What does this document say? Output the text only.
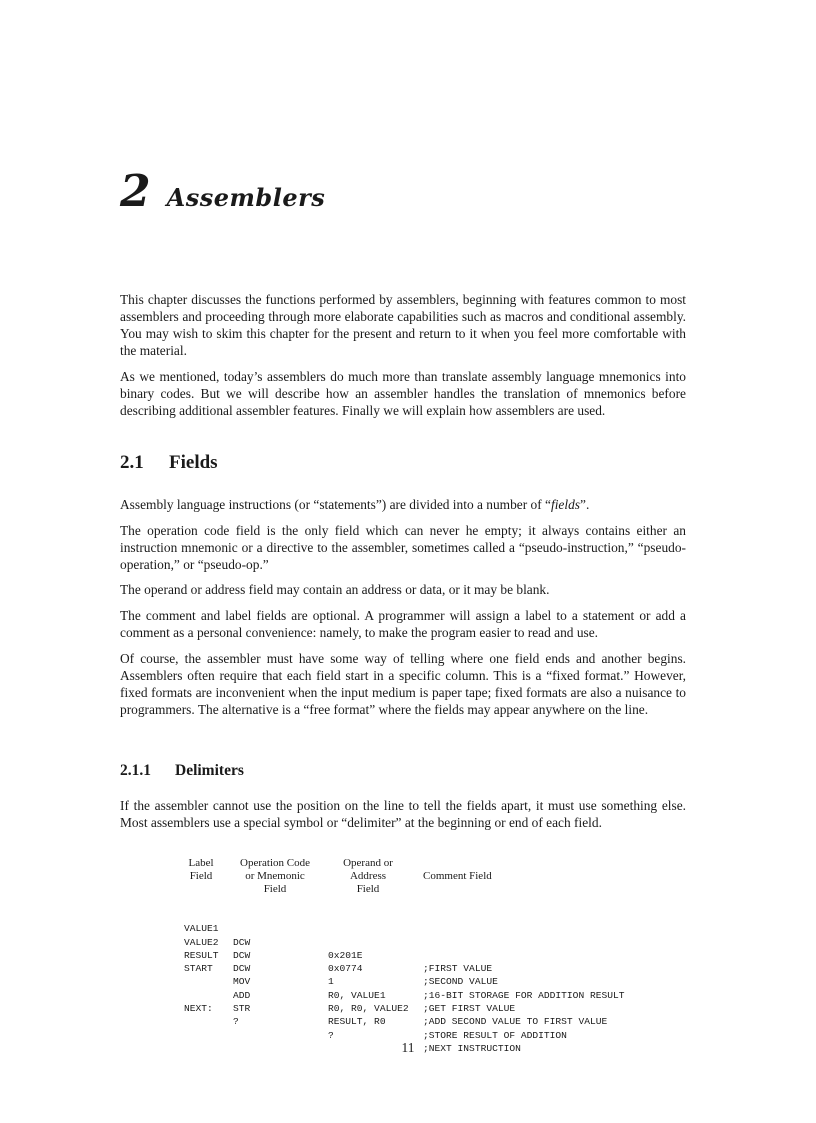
2 Assemblers

This chapter discusses the functions performed by assemblers, beginning with features common to most assemblers and proceeding through more elaborate capabilities such as macros and conditional assembly. You may wish to skim this chapter for the present and return to it when you feel more comfortable with the material.

As we mentioned, today’s assemblers do much more than translate assembly language mnemonics into binary codes. But we will describe how an assembler handles the translation of mnemonics before describing additional assembler features. Finally we will explain how assemblers are used.

2.1 Fields

Assembly language instructions (or “statements”) are divided into a number of “fields”.

The operation code field is the only field which can never he empty; it always contains either an instruction mnemonic or a directive to the assembler, sometimes called a “pseudo-instruction,” “pseudo-operation,” or “pseudo-op.”

The operand or address field may contain an address or data, or it may be blank.

The comment and label fields are optional. A programmer will assign a label to a statement or add a comment as a personal convenience: namely, to make the program easier to read and use.

Of course, the assembler must have some way of telling where one field ends and another begins. Assemblers often require that each field start in a specific column. This is a “fixed format.” However, fixed formats are inconvenient when the input medium is paper tape; fixed formats are also a nuisance to programmers. The alternative is a “free format” where the fields may appear anywhere on the line.

2.1.1 Delimiters

If the assembler cannot use the position on the line to tell the fields apart, it must use something else. Most assemblers use a special symbol or “delimiter” at the beginning or end of each field.

Label
Field
Operation Code
or Mnemonic
Field
Operand or
Address
Field
Comment Field

VALUE1

DCW

0x201E

;FIRST VALUE

VALUE2

DCW

0x0774

;SECOND VALUE

RESULT

DCW

1

;16-BIT STORAGE FOR ADDITION RESULT

START

MOV

R0, VALUE1

;GET FIRST VALUE

ADD

R0, R0, VALUE2

;ADD SECOND VALUE TO FIRST VALUE

STR

RESULT, R0

;STORE RESULT OF ADDITION

NEXT:

?

?

;NEXT INSTRUCTION

11
